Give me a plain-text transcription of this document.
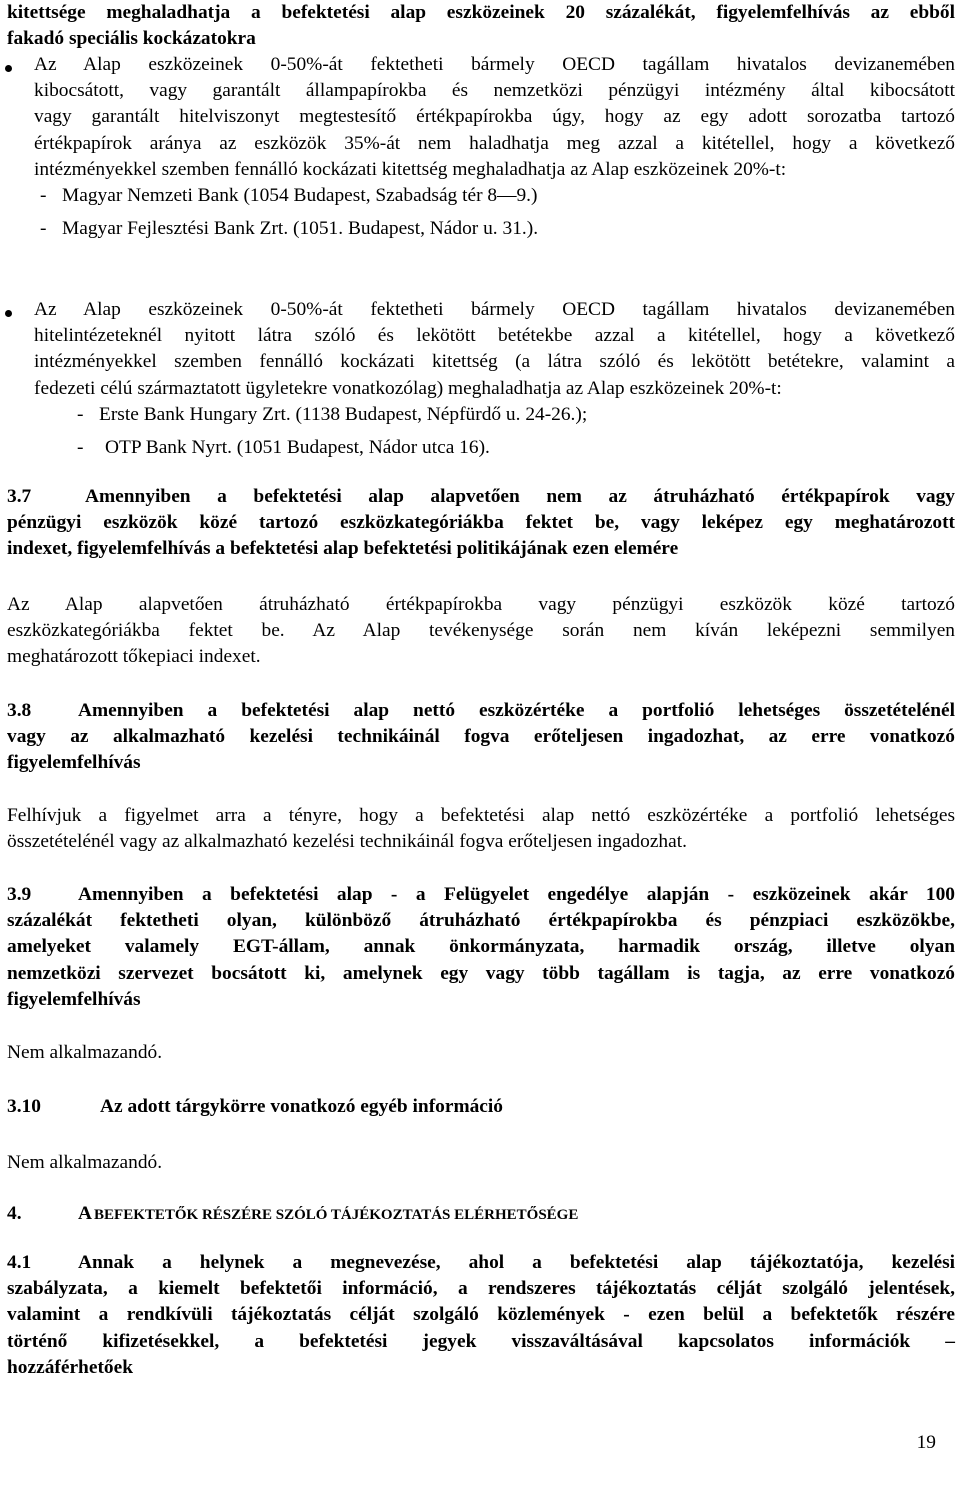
kitettsége meghaladhatja a befektetési alap eszközeinek 20 százalékát, figyelemfelhívás az ebből
fakadó speciális kockázatokra
Az Alap eszközeinek 0-50%-át fektetheti bármely OECD tagállam hivatalos devizanemében
kibocsátott, vagy garantált állampapírokba és nemzetközi pénzügyi intézmény által kibocsátott
vagy garantált hitelviszonyt megtestesítő értékpapírokba úgy, hogy az egy adott sorozatba tartozó
értékpapírok aránya az eszközök 35%-át nem haladhatja meg azzal a kitétellel, hogy a következő
intézményekkel szemben fennálló kockázati kitettség meghaladhatja az Alap eszközeinek 20%-t:
- Magyar Nemzeti Bank (1054 Budapest, Szabadság tér 8—9.)
- Magyar Fejlesztési Bank Zrt. (1051. Budapest, Nádor u. 31.).
Az Alap eszközeinek 0-50%-át fektetheti bármely OECD tagállam hivatalos devizanemében
hitelintézeteknél nyitott látra szóló és lekötött betétekbe azzal a kitétellel, hogy a következő
intézményekkel szemben fennálló kockázati kitettség (a látra szóló és lekötött betétekre, valamint a
fedezeti célú származtatott ügyletekre vonatkozólag) meghaladhatja az Alap eszközeinek 20%-t:
- Erste Bank Hungary Zrt. (1138 Budapest, Népfürdő u. 24-26.);
- OTP Bank Nyrt. (1051 Budapest, Nádor utca 16).
3.7	Amennyiben a befektetési alap alapvetően nem az átruházható értékpapírok vagy
pénzügyi eszközök közé tartozó eszközkategóriákba fektet be, vagy leképez egy meghatározott
indexet, figyelemfelhívás a befektetési alap befektetési politikájának ezen elemére
Az Alap alapvetően átruházható értékpapírokba vagy pénzügyi eszközök közé tartozó
eszközkategóriákba fektet be. Az Alap tevékenysége során nem kíván leképezni semmilyen
meghatározott tőkepiaci indexet.
3.8	Amennyiben a befektetési alap nettó eszközértéke a portfolió lehetséges összetételénél
vagy az alkalmazható kezelési technikáinál fogva erőteljesen ingadozhat, az erre vonatkozó
figyelemfelhívás
Felhívjuk a figyelmet arra a tényre, hogy a befektetési alap nettó eszközértéke a portfolió lehetséges
összetételénél vagy az alkalmazható kezelési technikáinál fogva erőteljesen ingadozhat.
3.9	Amennyiben a befektetési alap - a Felügyelet engedélye alapján - eszközeinek akár 100
százalékát fektetheti olyan, különböző átruházható értékpapírokba és pénzpiaci eszközökbe,
amelyeket valamely EGT-állam, annak önkormányzata, harmadik ország, illetve olyan
nemzetközi szervezet bocsátott ki, amelynek egy vagy több tagállam is tagja, az erre vonatkozó
figyelemfelhívás
Nem alkalmazandó.
3.10	Az adott tárgykörre vonatkozó egyéb információ
Nem alkalmazandó.
4.	A BEFEKTETŐK RÉSZÉRE SZÓLÓ TÁJÉKOZTATÁS ELÉRHETŐSÉGE
4.1	Annak a helynek a megnevezése, ahol a befektetési alap tájékoztatója, kezelési
szabályzata, a kiemelt befektetői információ, a rendszeres tájékoztatás célját szolgáló jelentések,
valamint a rendkívüli tájékoztatás célját szolgáló közlemények - ezen belül a befektetők részére
történő kifizetésekkel, a befektetési jegyek visszaváltásával kapcsolatos információk –
hozzáférhetőek
19
